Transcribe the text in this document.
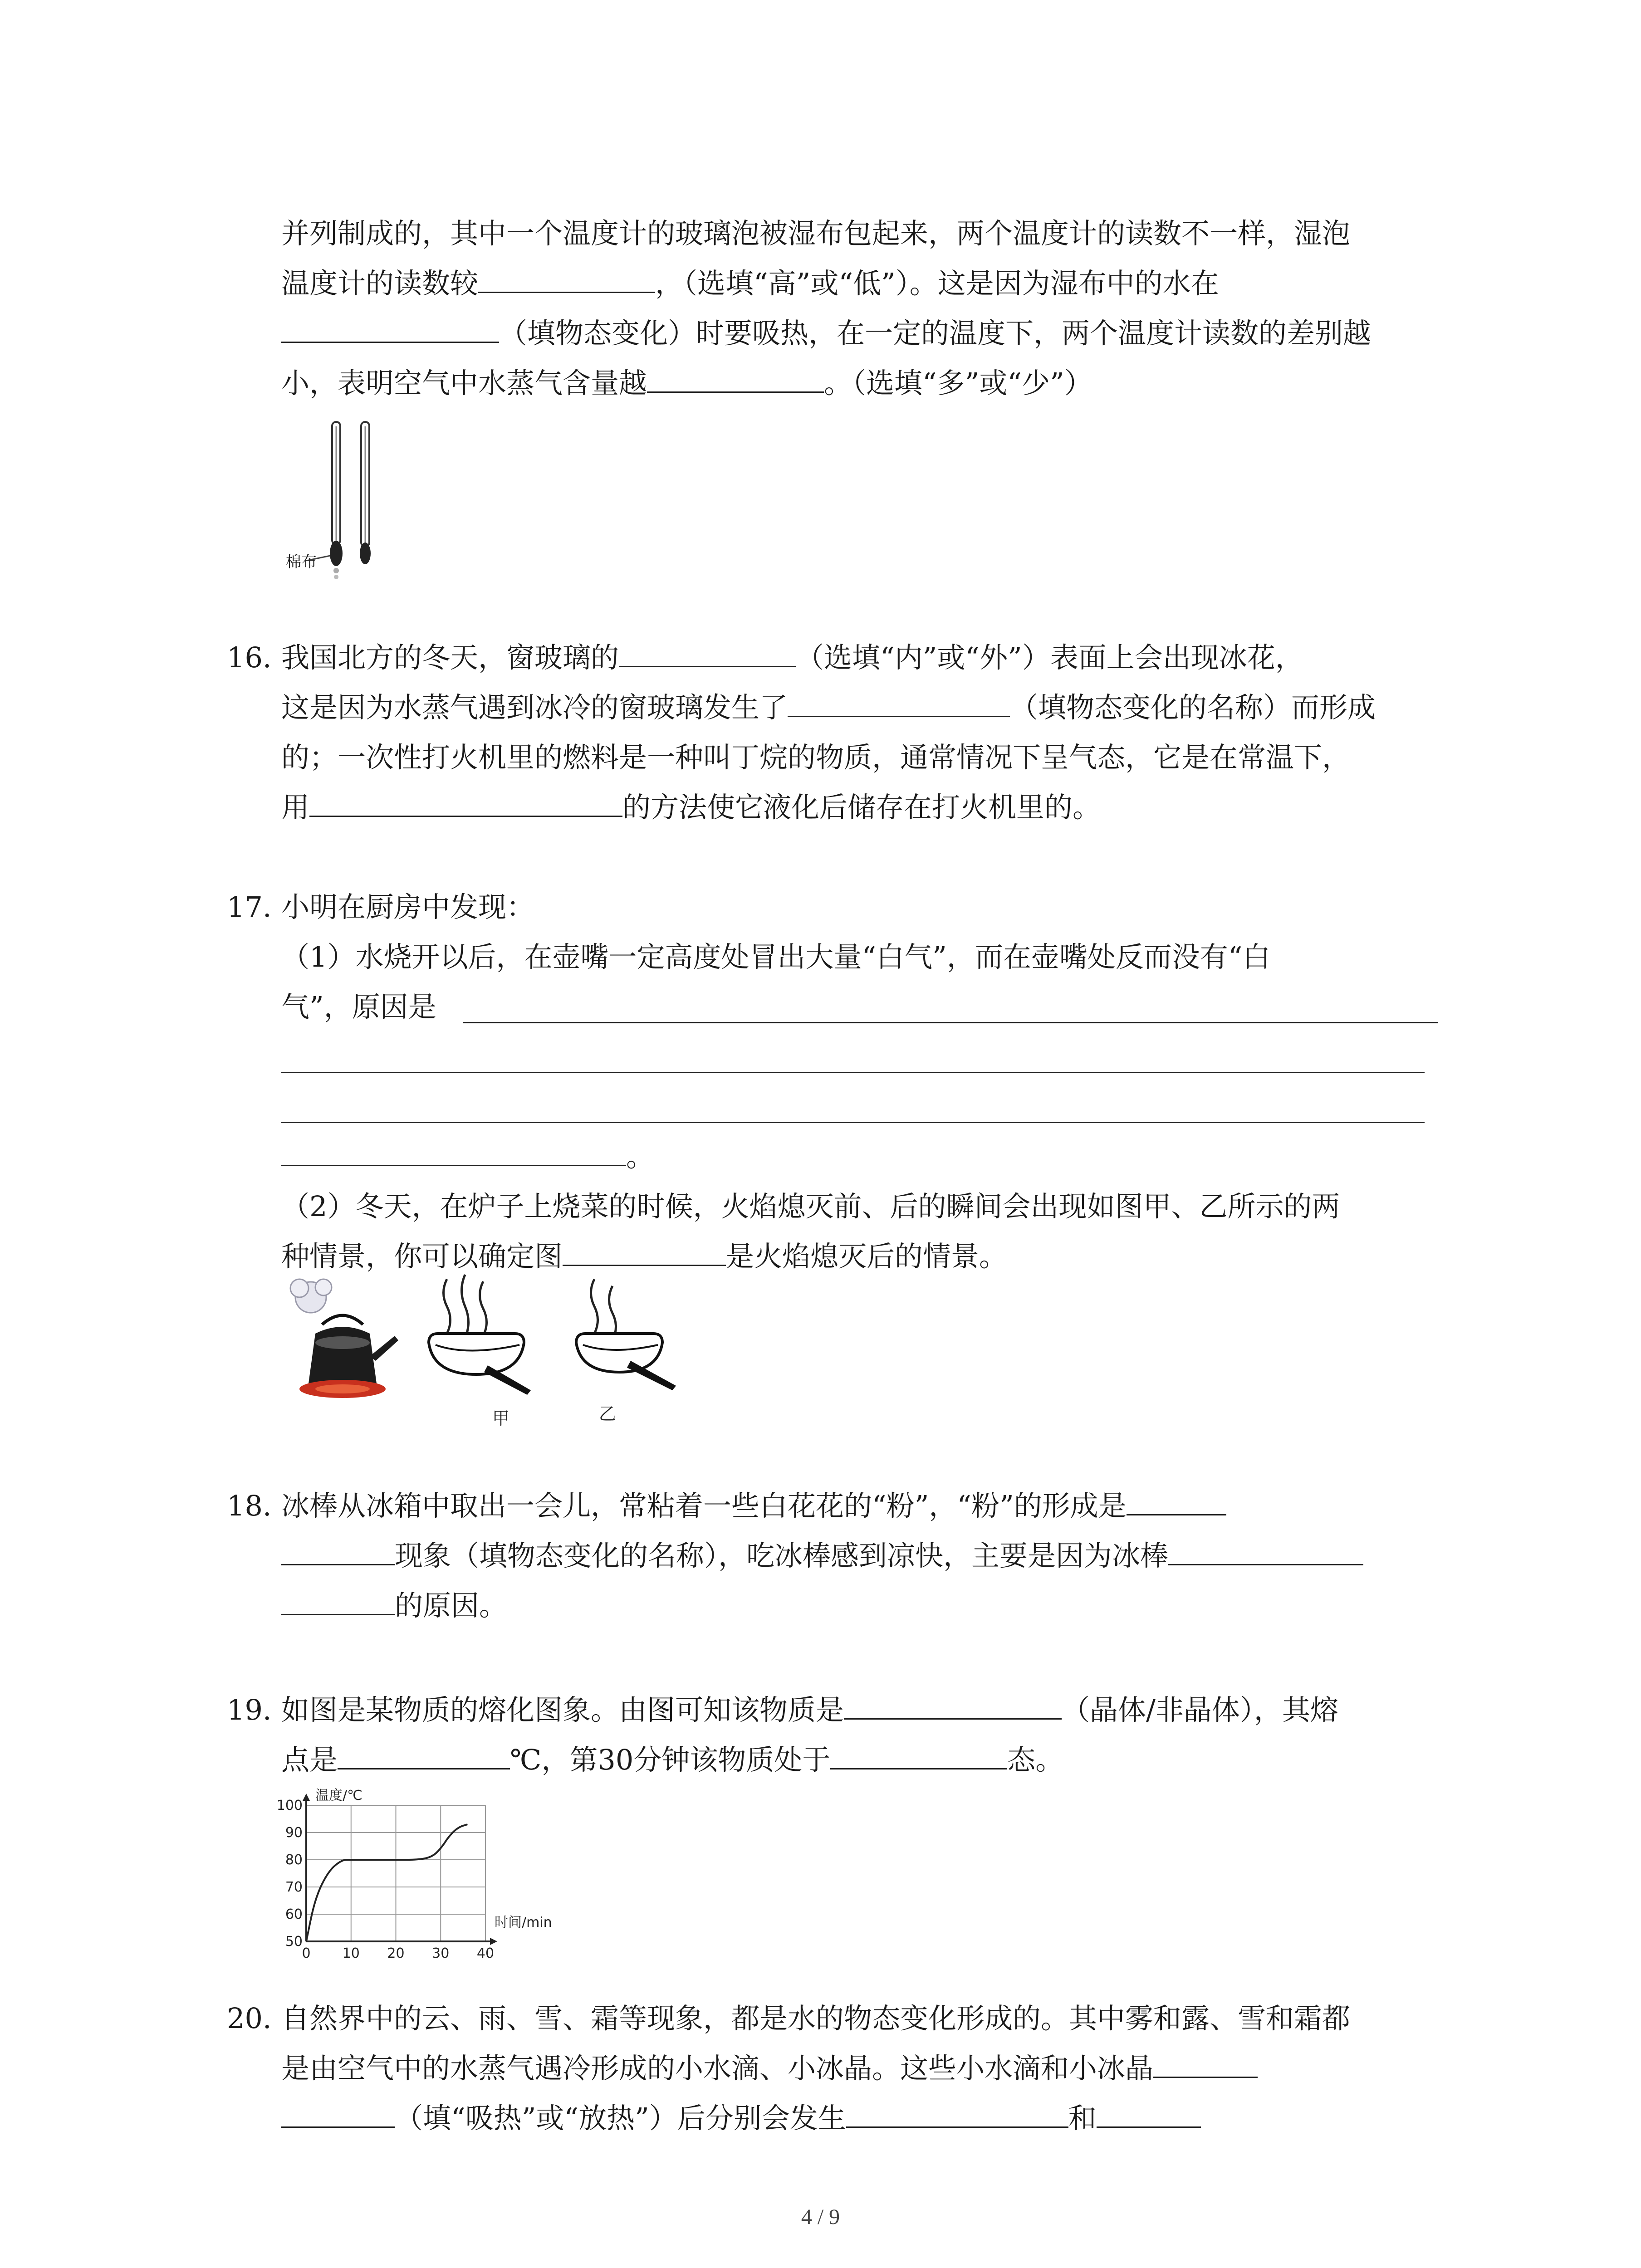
并列制成的，其中一个温度计的玻璃泡被湿布包起来，两个温度计的读数不一样，湿泡
温度计的读数较	，（选填“高”或“低”）。这是因为湿布中的水在
（填物态变化）时要吸热，在一定的温度下，两个温度计读数的差别越
小，表明空气中水蒸气含量越	。（选填“多”或“少”）
棉布
16. 我国北方的冬天，窗玻璃的	（选填“内”或“外”）表面上会出现冰花，
这是因为水蒸气遇到冰冷的窗玻璃发生了	（填物态变化的名称）而形成
的；一次性打火机里的燃料是一种叫丁烷的物质，通常情况下呈气态，它是在常温下，
用	的方法使它液化后储存在打火机里的。
17. 小明在厨房中发现：
（1）水烧开以后，在壶嘴一定高度处冒出大量“白气”，而在壶嘴处反而没有“白
气”，原因是
。
（2）冬天，在炉子上烧菜的时候，火焰熄灭前、后的瞬间会出现如图甲、乙所示的两
种情景，你可以确定图	是火焰熄灭后的情景。
甲	乙
18. 冰棒从冰箱中取出一会儿，常粘着一些白花花的“粉”，“粉”的形成是
现象（填物态变化的名称），吃冰棒感到凉快，主要是因为冰棒
的原因。
19. 如图是某物质的熔化图象。由图可知该物质是	（晶体/非晶体），其熔
点是	℃，第30分钟该物质处于	态。
0 10 20 30 40
50
60
70
80
90
100
温度/℃
时间/min
20. 自然界中的云、雨、雪、霜等现象，都是水的物态变化形成的。其中雾和露、雪和霜都
是由空气中的水蒸气遇冷形成的小水滴、小冰晶。这些小水滴和小冰晶
（填“吸热”或“放热”）后分别会发生	和
4 / 9
